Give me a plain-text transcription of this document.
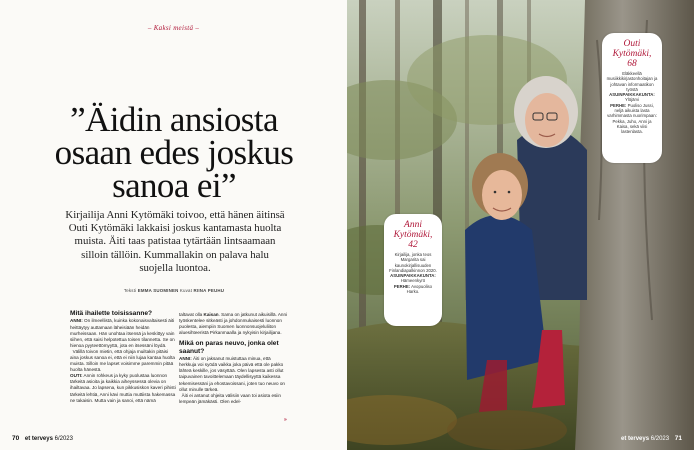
– Kaksi meistä –
”Äidin ansiosta
osaan edes joskus
sanoa ei”
Kirjailija Anni Kytömäki toivoo, että hänen äitinsä Outi Kytömäki lakkaisi joskus kantamasta huolta muista. Äiti taas patistaa tytärtään lintsaamaan silloin tällöin. Kummallakin on palava halu suojella luontoa.
Teksti EMMA SUOMINEN Kuvat RIINA PEUHU
Mitä ihailette toisissanne?

ANNI: On ilmeellistä, kuinka kokonaisvaltaisesti äiti heittäytyy auttamaan läheisiään heidän murheissaan. Hän unohtaa itsensä ja keskittyy vain siihen, että saisi helpotettua toisen tilannetta. Se on hienoa pyyteettömyyttä, jota en itsessäni löydä.

Välillä toivon mietin, että ohjaja muiltakin pitäisi aina joskus sanoa ei, että ei niin lujaa kantaa huolta muista. Silloin me lapset voisimme paremmin pitää huolta hänestä.

OUTI: Annin rohkeus ja kyky puolustaa luonnon tärkeitä asioita ja kaikkia aiheyssessä olevia on ihailtavaa. Jo lapsena, kun pikkusiskon kaveri pihisti tärkeitä lehtiä, Anni kävi muttia muttiista hakemassa ne takaisin. Mutta vain ja sanoi, että nämä

taltavat olla Kaisan. Sama on jatkunut aikuisillä. Anni työskentelee sitkeästi ja johdonmukaisesti luonnon puolesta, aiempiin Suomen luonnonsuojeluliiton aluesihteeristä Pirkanmaalla ja nykyisin kirjailijana.

Mikä on paras neuvo, jonka olet saanut?

ANNI: Äiti on jaksanut muistuttaa minua, että herkkuja voi syödä vaikka joka päivä että ole pakko lähteä keskille, jos väsyttää. Olen lapsesta asti ollut taipuvainen tavoittelemaan täydellisyyttä kaikessa tekemisessäni ja ehostavoissani, joten tuo neuvo on ollut minulle tärkeä.

Äiti ei antanut ohjeita välisiin vaan toi asiota esiin lempeän jämäkästi. Olen edel-

»
70 et terveys 6/2023
Outi
Kytömäki,
68
Eläkkeellä musiikkikirjastonhoitajan ja johtavan informaatikon työstä
ASUINPAIKKAKUNTA:
Ylöjärvi
PERHE: Puoliso Jussi, neljä aikuista lasta varhimmasta nuorimpaan: Pekka, Juho, Anni ja Kaisa, sekä viisi lastenlasta.
Anni
Kytömäki,
42
Kirjailija, jonka teos Margarita sai kaunokirjallisuuden Finlandiapalkinnon 2020.
ASUINPAIKKAKUNTA:
Hämeenkyrö
PERHE: Avopuoliso Harko.
et terveys 6/2023 71
